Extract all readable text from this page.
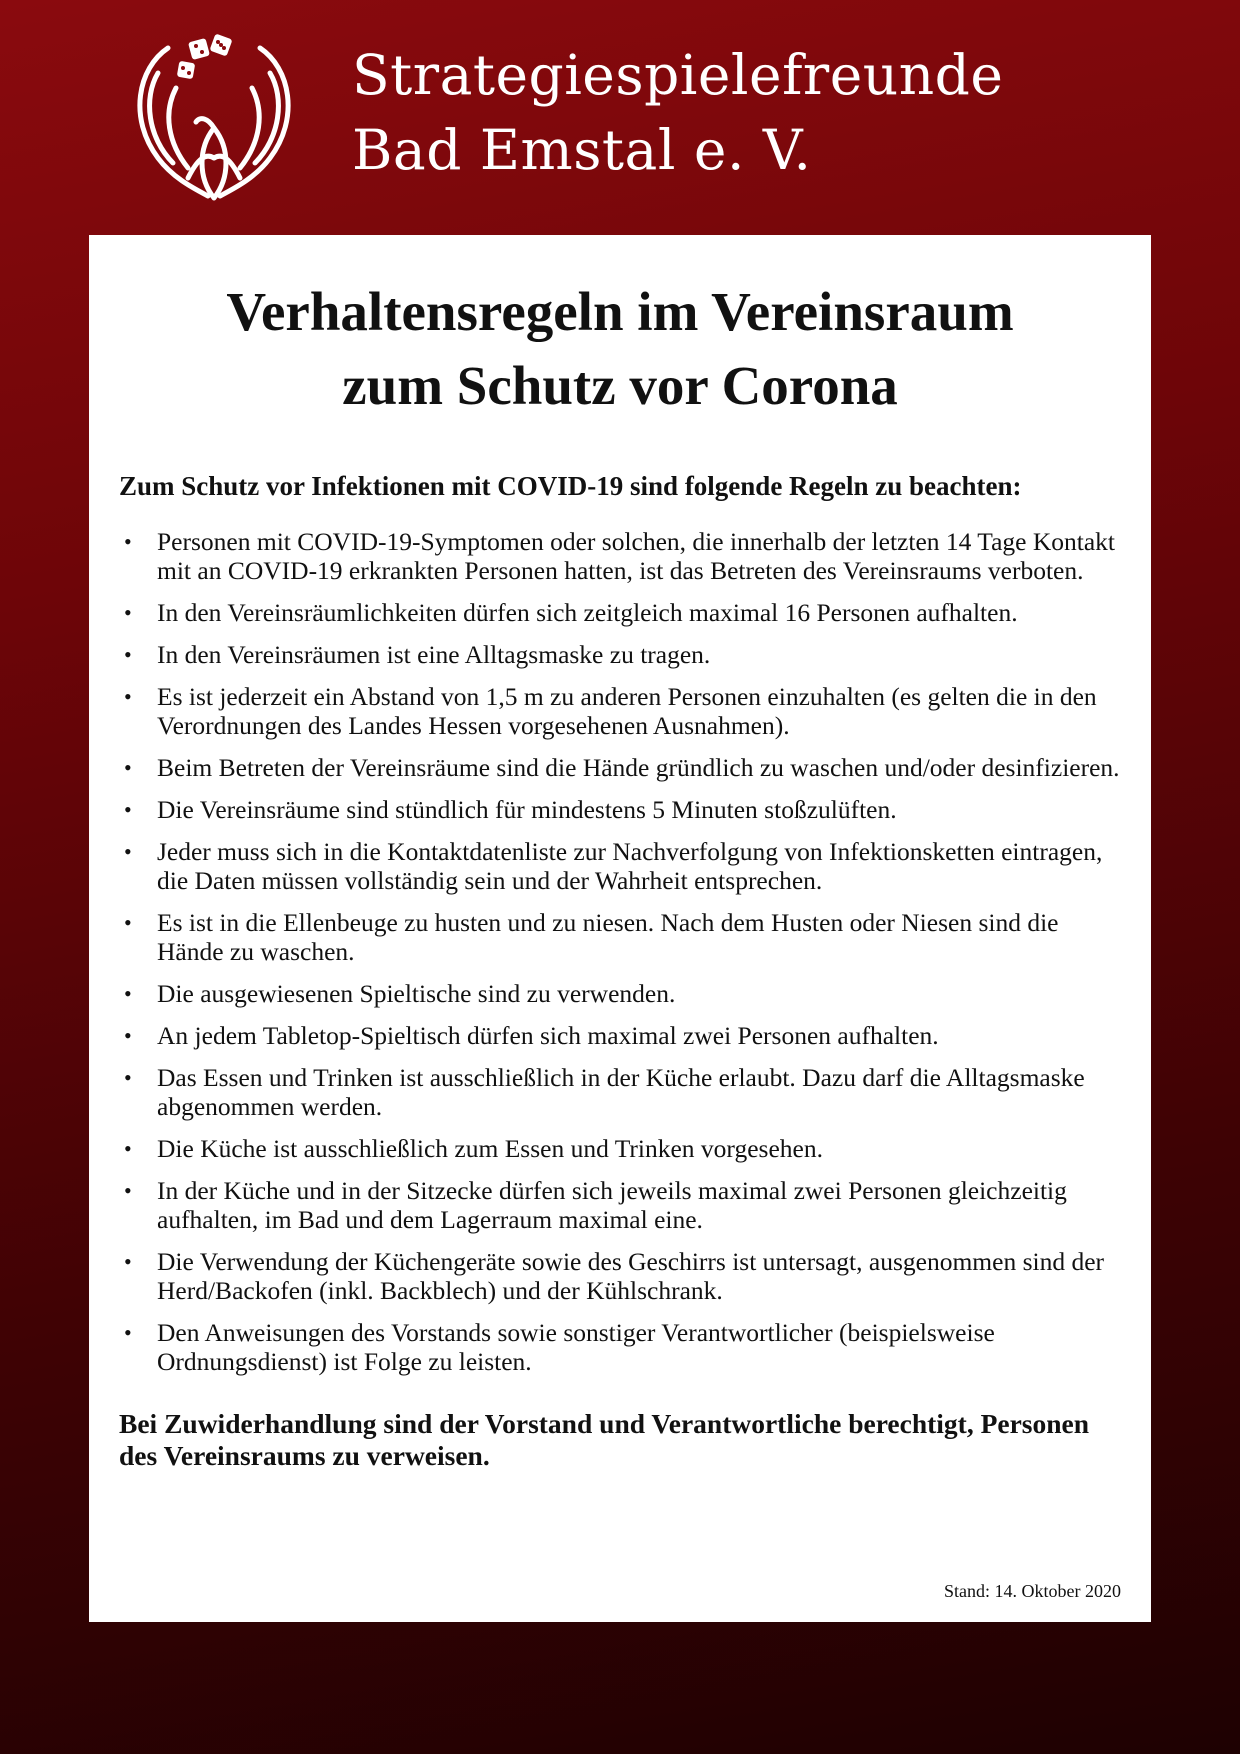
Strategiespielefreunde
Bad Emstal e. V.
Verhaltensregeln im Vereinsraum
zum Schutz vor Corona

Zum Schutz vor Infektionen mit COVID-19 sind folgende Regeln zu beachten:

• Personen mit COVID-19-Symptomen oder solchen, die innerhalb der letzten 14 Tage Kontakt mit an COVID-19 erkrankten Personen hatten, ist das Betreten des Vereinsraums verboten.
• In den Vereinsräumlichkeiten dürfen sich zeitgleich maximal 16 Personen aufhalten.
• In den Vereinsräumen ist eine Alltagsmaske zu tragen.
• Es ist jederzeit ein Abstand von 1,5 m zu anderen Personen einzuhalten (es gelten die in den Verordnungen des Landes Hessen vorgesehenen Ausnahmen).
• Beim Betreten der Vereinsräume sind die Hände gründlich zu waschen und/oder desinfizieren.
• Die Vereinsräume sind stündlich für mindestens 5 Minuten stoßzulüften.
• Jeder muss sich in die Kontaktdatenliste zur Nachverfolgung von Infektionsketten eintragen, die Daten müssen vollständig sein und der Wahrheit entsprechen.
• Es ist in die Ellenbeuge zu husten und zu niesen. Nach dem Husten oder Niesen sind die Hände zu waschen.
• Die ausgewiesenen Spieltische sind zu verwenden.
• An jedem Tabletop-Spieltisch dürfen sich maximal zwei Personen aufhalten.
• Das Essen und Trinken ist ausschließlich in der Küche erlaubt. Dazu darf die Alltagsmaske abgenommen werden.
• Die Küche ist ausschließlich zum Essen und Trinken vorgesehen.
• In der Küche und in der Sitzecke dürfen sich jeweils maximal zwei Personen gleichzeitig aufhalten, im Bad und dem Lagerraum maximal eine.
• Die Verwendung der Küchengeräte sowie des Geschirrs ist untersagt, ausgenommen sind der Herd/Backofen (inkl. Backblech) und der Kühlschrank.
• Den Anweisungen des Vorstands sowie sonstiger Verantwortlicher (beispielsweise Ordnungsdienst) ist Folge zu leisten.

Bei Zuwiderhandlung sind der Vorstand und Verantwortliche berechtigt, Personen des Vereinsraums zu verweisen.

Stand: 14. Oktober 2020
